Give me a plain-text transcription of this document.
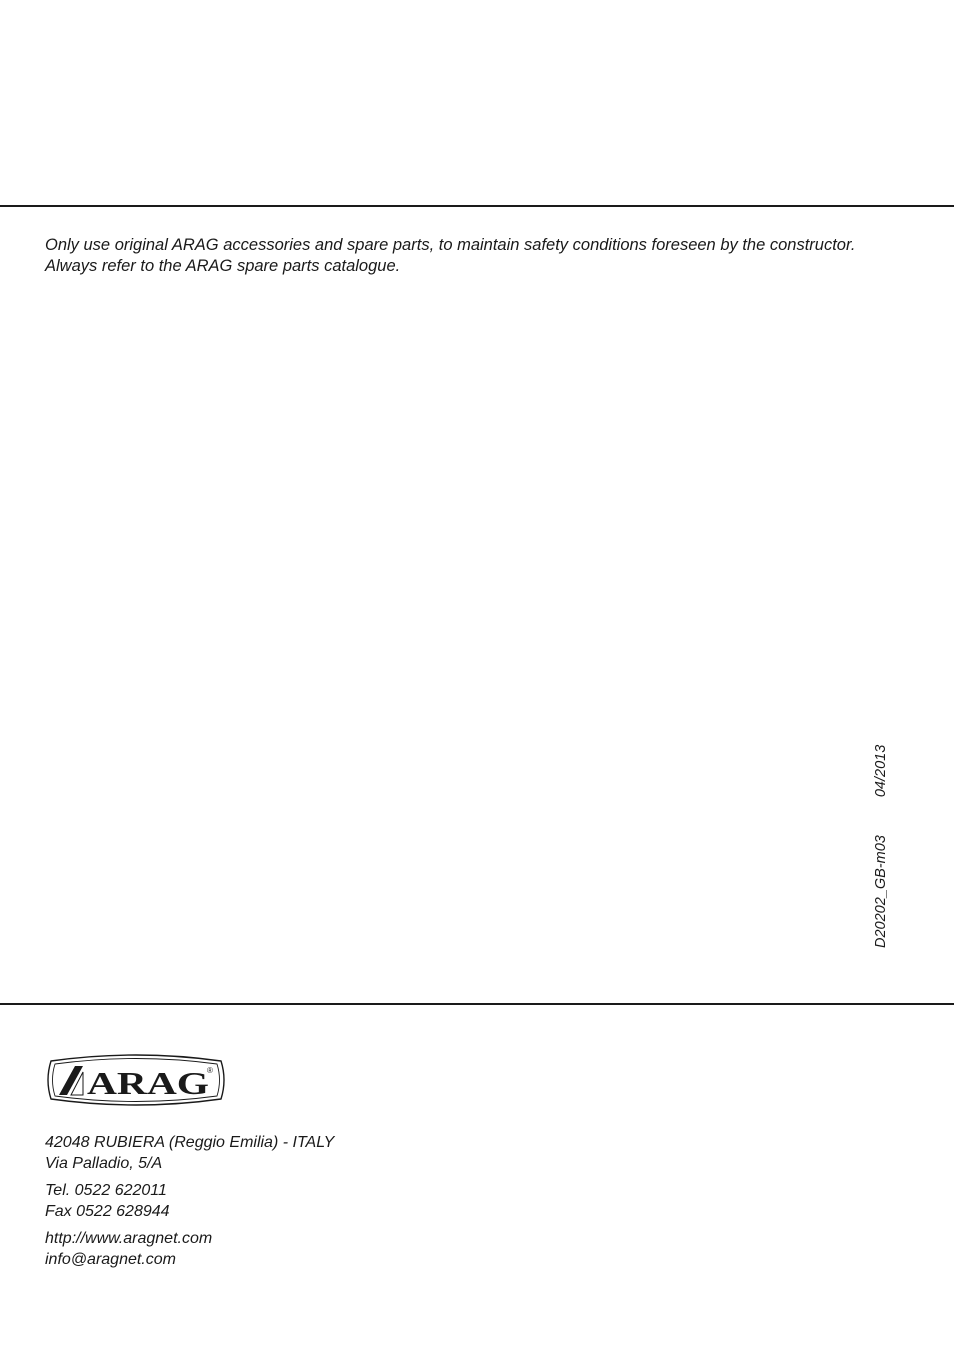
Only use original ARAG accessories and spare parts, to maintain safety conditions foreseen by the constructor.
Always refer to the ARAG spare parts catalogue.
D20202_GB-m0304/2013
ARAG
®
42048 RUBIERA (Reggio Emilia) - ITALY
Via Palladio, 5/A
Tel. 0522 622011
Fax 0522 628944
http://www.aragnet.com
info@aragnet.com
